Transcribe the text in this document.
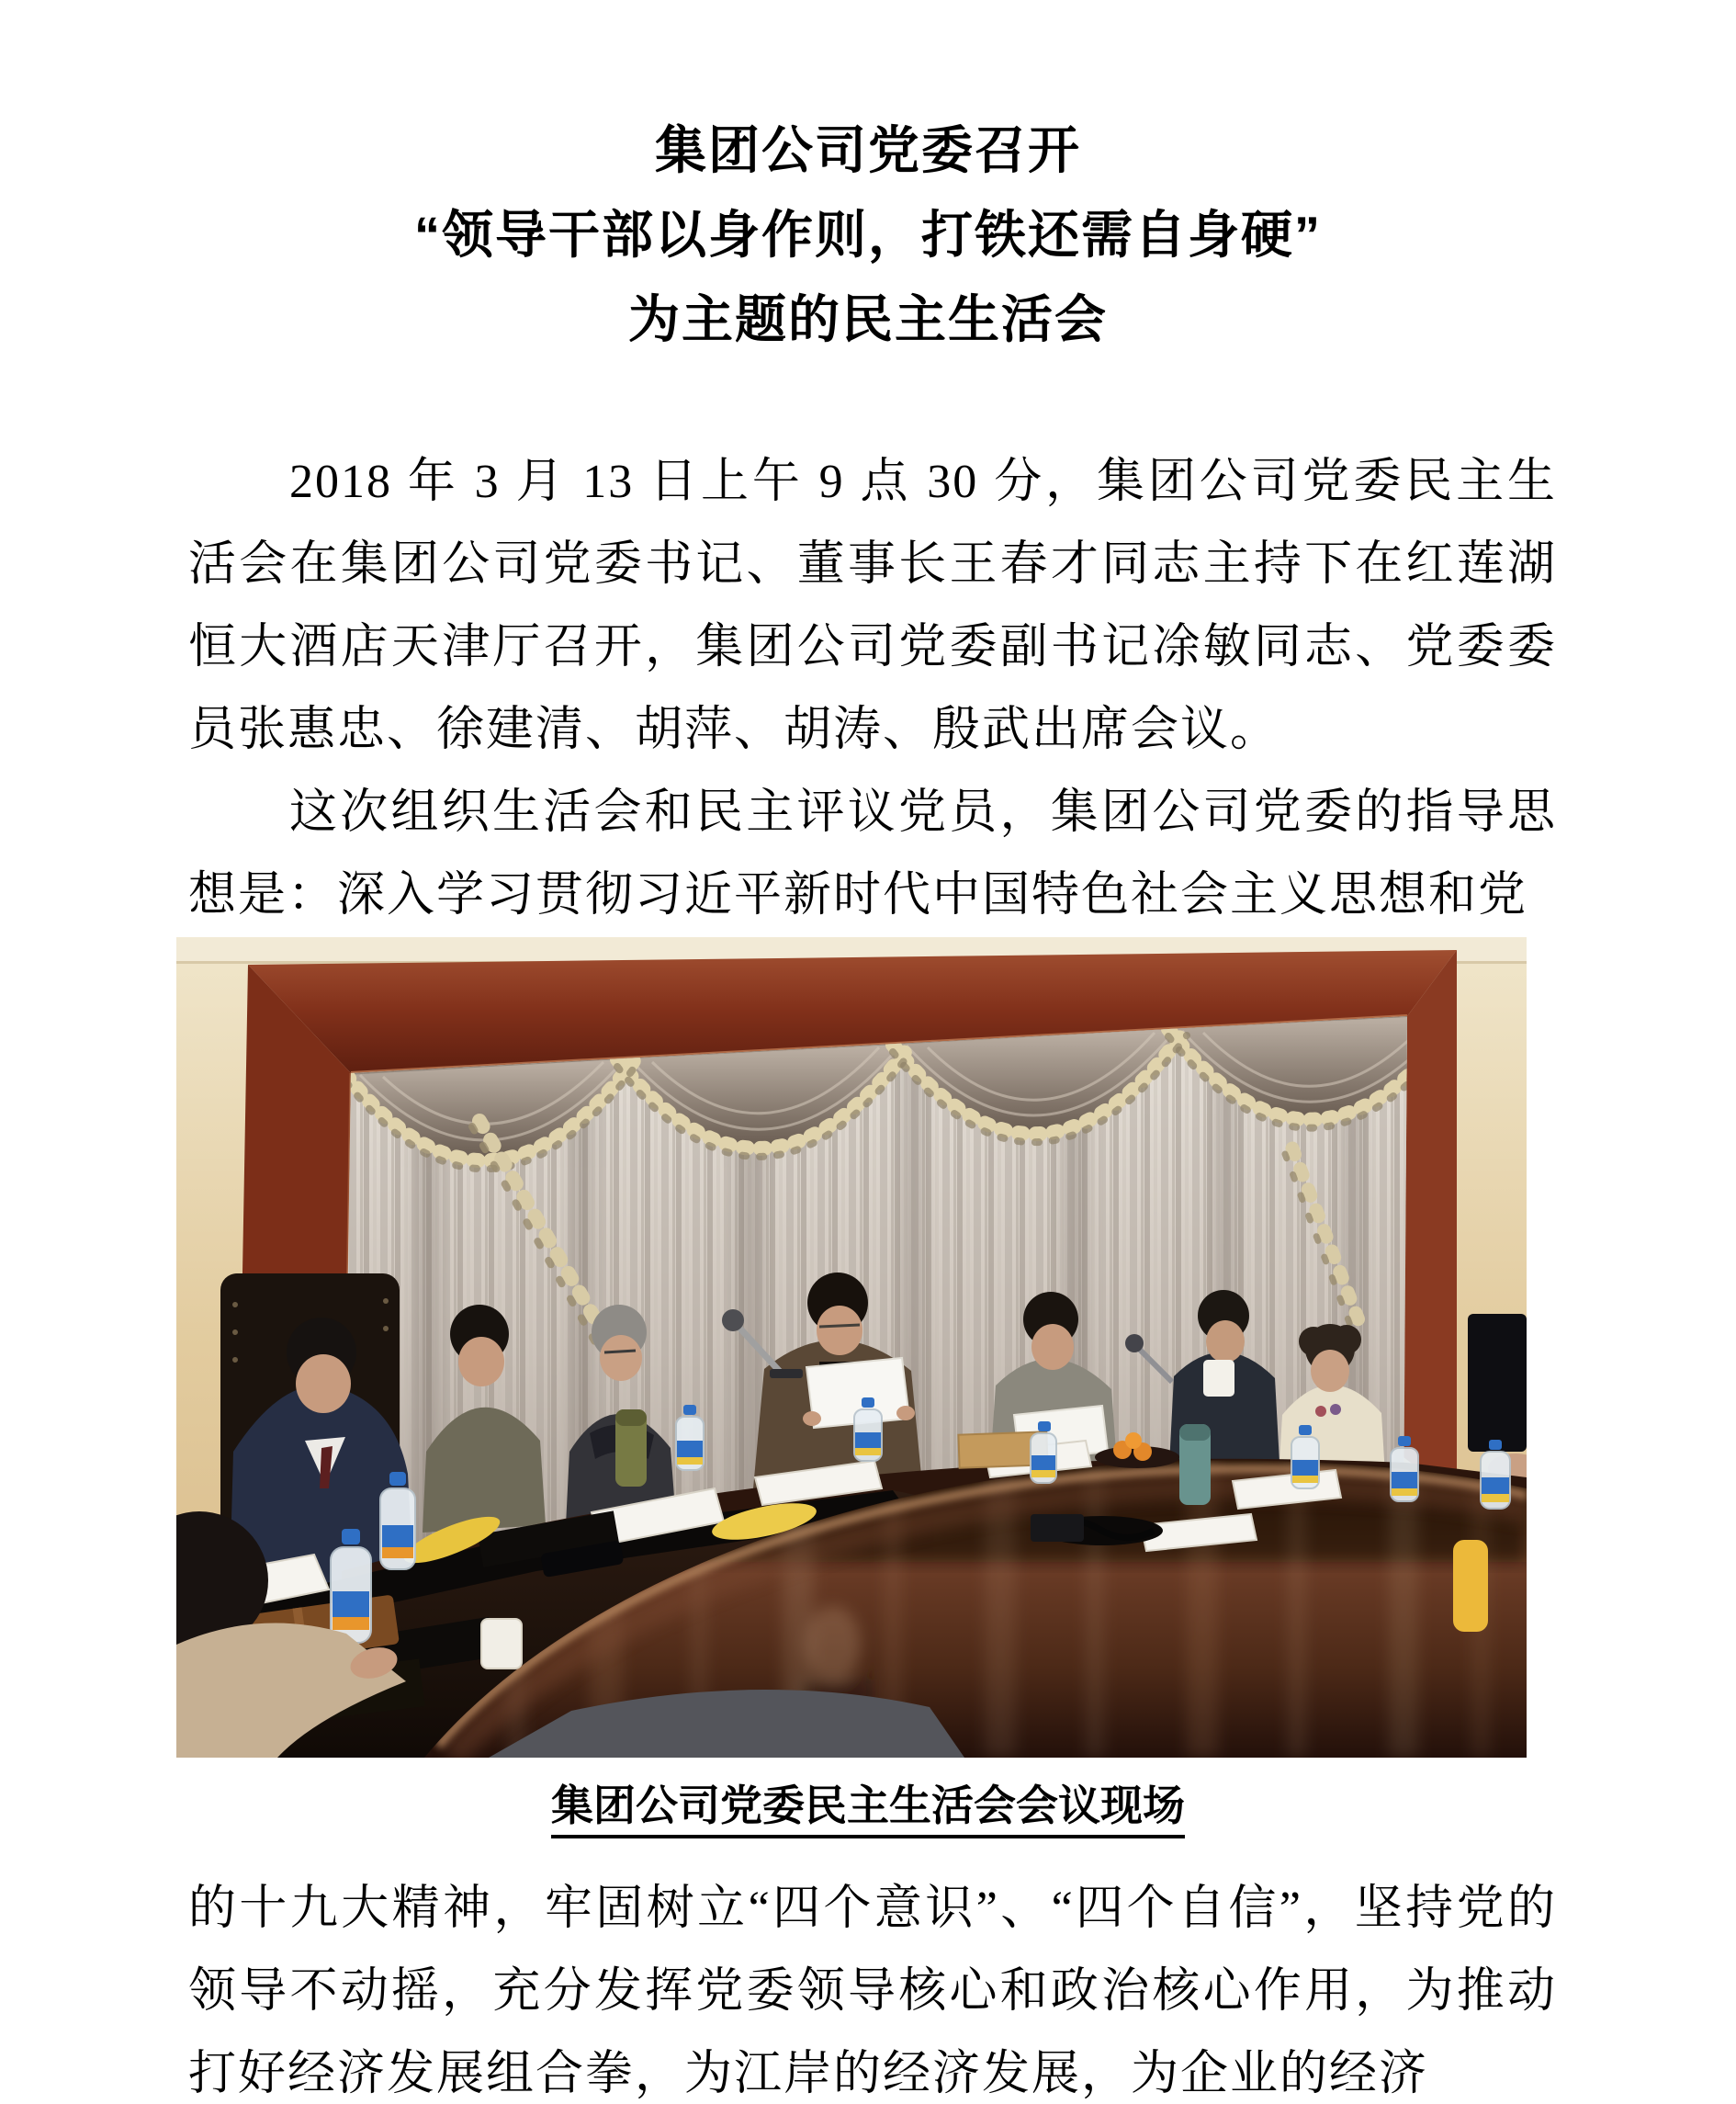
集团公司党委召开
“领导干部以身作则，打铁还需自身硬”
为主题的民主生活会

2018 年 3 月 13 日上午 9 点 30 分，集团公司党委民主生活会在集团公司党委书记、董事长王春才同志主持下在红莲湖恒大酒店天津厅召开，集团公司党委副书记凃敏同志、党委委员张惠忠、徐建清、胡萍、胡涛、殷武出席会议。

这次组织生活会和民主评议党员，集团公司党委的指导思想是：深入学习贯彻习近平新时代中国特色社会主义思想和党

集团公司党委民主生活会会议现场

的十九大精神，牢固树立“四个意识”、“四个自信”，坚持党的领导不动摇，充分发挥党委领导核心和政治核心作用，为推动打好经济发展组合拳，为江岸的经济发展，为企业的经济
